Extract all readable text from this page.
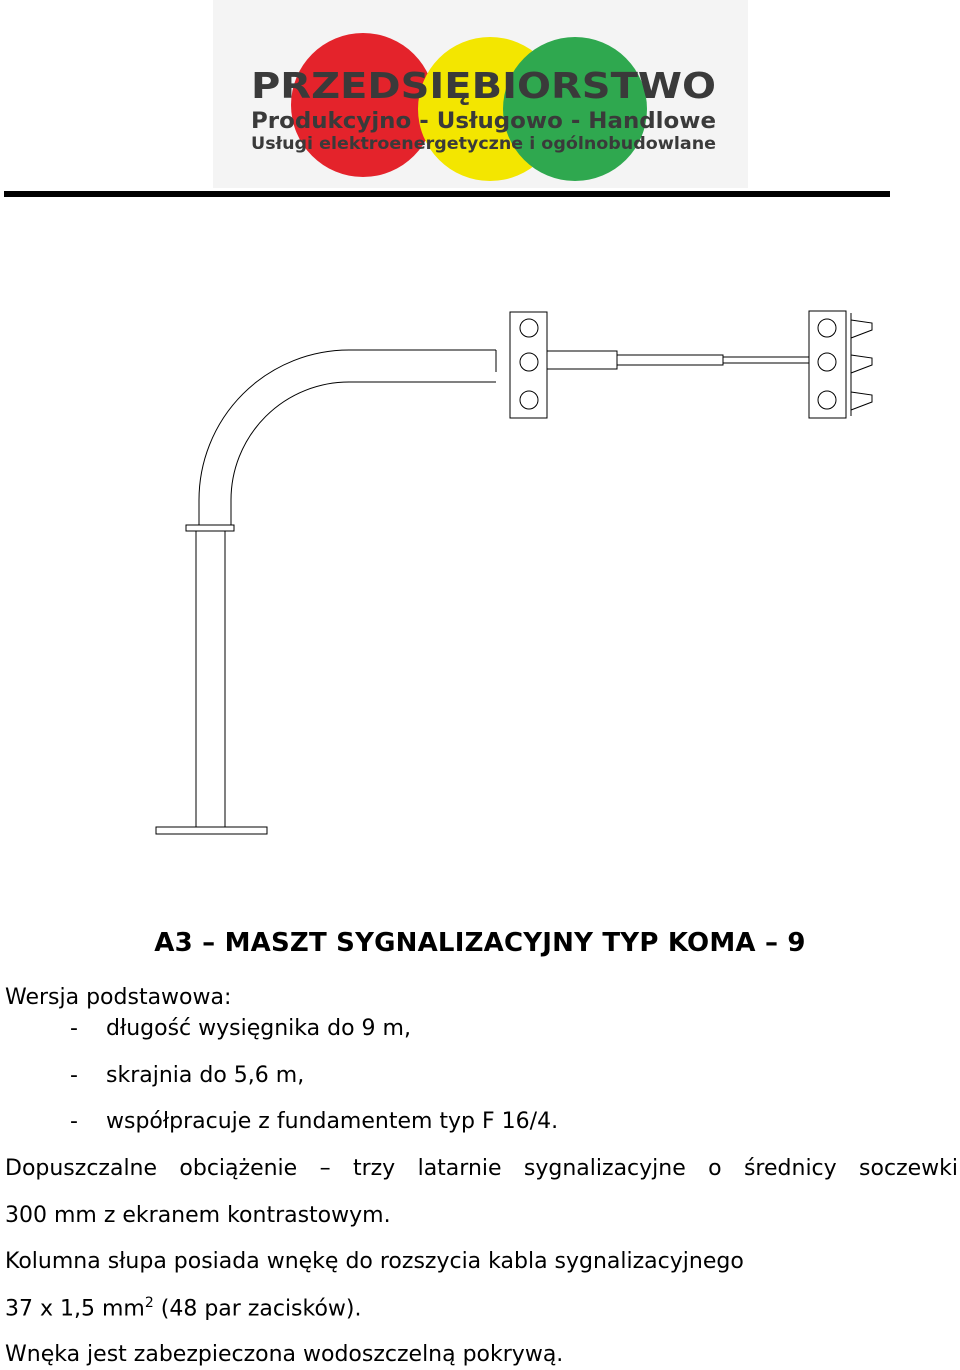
PRZEDSIĘBIORSTWO
Produkcyjno - Usługowo - Handlowe
Usługi elektroenergetyczne i ogólnobudowlane
A3 – MASZT SYGNALIZACYJNY TYP KOMA – 9
Wersja podstawowa:
- długość wysięgnika do 9 m,
- skrajnia do 5,6 m,
- współpracuje z fundamentem typ F 16/4.
Dopuszczalne obciążenie – trzy latarnie sygnalizacyjne o średnicy soczewki
300 mm z ekranem kontrastowym.
Kolumna słupa posiada wnękę do rozszycia kabla sygnalizacyjnego
37 x 1,5 $mm^2$ (48 par zacisków).
Wnęka jest zabezpieczona wodoszczelną pokrywą.
